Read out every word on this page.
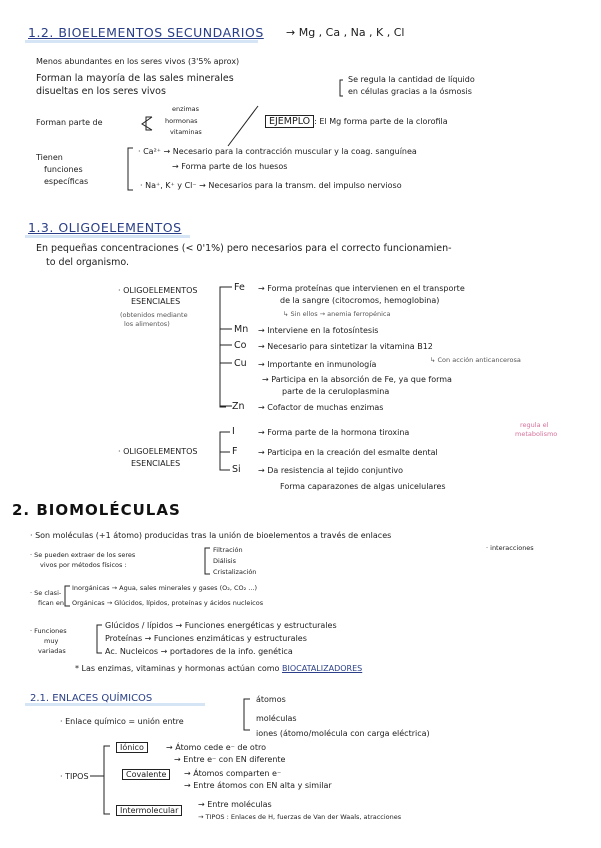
1.2. BIOELEMENTOS SECUNDARIOS → Mg , Ca , Na , K , Cl
Menos abundantes en los seres vivos (3'5% aprox)
Forman la mayoría de las sales minerales
disueltas en los seres vivos
Se regula la cantidad de líquido
en células gracias a la ósmosis
Forman parte de
enzimas
hormonas
vitaminas
EJEMPLO : El Mg forma parte de la clorofila
Tienen
funciones
específicas
· Ca²⁺ → Necesario para la contracción muscular y la coag. sanguínea
→ Forma parte de los huesos
· Na⁺, K⁺ y Cl⁻ → Necesarios para la transm. del impulso nervioso
1.3. OLIGOELEMENTOS
En pequeñas concentraciones (< 0'1%) pero necesarios para el correcto funcionamien-
to del organismo.
· OLIGOELEMENTOS
ESENCIALES
(obtenidos mediante
los alimentos)
Fe → Forma proteínas que intervienen en el transporte
de la sangre (citocromos, hemoglobina)
↳ Sin ellos → anemia ferropénica
Mn → Interviene en la fotosíntesis
Co → Necesario para sintetizar la vitamina B12
Cu → Importante en inmunología	↳ Con acción anticancerosa
→ Participa en la absorción de Fe, ya que forma
parte de la ceruloplasmina
Zn → Cofactor de muchas enzimas
· OLIGOELEMENTOS
ESENCIALES
I	→ Forma parte de la hormona tiroxina
regula el
metabolismo
F	→ Participa en la creación del esmalte dental
Si → Da resistencia al tejido conjuntivo
Forma caparazones de algas unicelulares
2. BIOMOLÉCULAS
· Son moléculas (+1 átomo) producidas tras la unión de bioelementos a través de enlaces
· interacciones
· Se pueden extraer de los seres
vivos por métodos físicos :
Filtración
Diálisis
Cristalización
· Se clasi-
fican en
Inorgánicas → Agua, sales minerales y gases (O₂, CO₂ ...)
Orgánicas → Glúcidos, lípidos, proteínas y ácidos nucleicos
· Funciones
muy
variadas
Glúcidos / lípidos → Funciones energéticas y estructurales
Proteínas → Funciones enzimáticas y estructurales
Ac. Nucleicos → portadores de la info. genética
* Las enzimas, vitaminas y hormonas actúan como BIOCATALIZADORES
2.1. ENLACES QUÍMICOS
· Enlace químico = unión entre
átomos
moléculas
iones (átomo/molécula con carga eléctrica)
· TIPOS
Iónico	→ Átomo cede e⁻ de otro
→ Entre e⁻ con EN diferente
Covalente	→ Átomos comparten e⁻
→ Entre átomos con EN alta y similar
Intermolecular
→ Entre moléculas
→ TIPOS : Enlaces de H, fuerzas de Van der Waals, atracciones
